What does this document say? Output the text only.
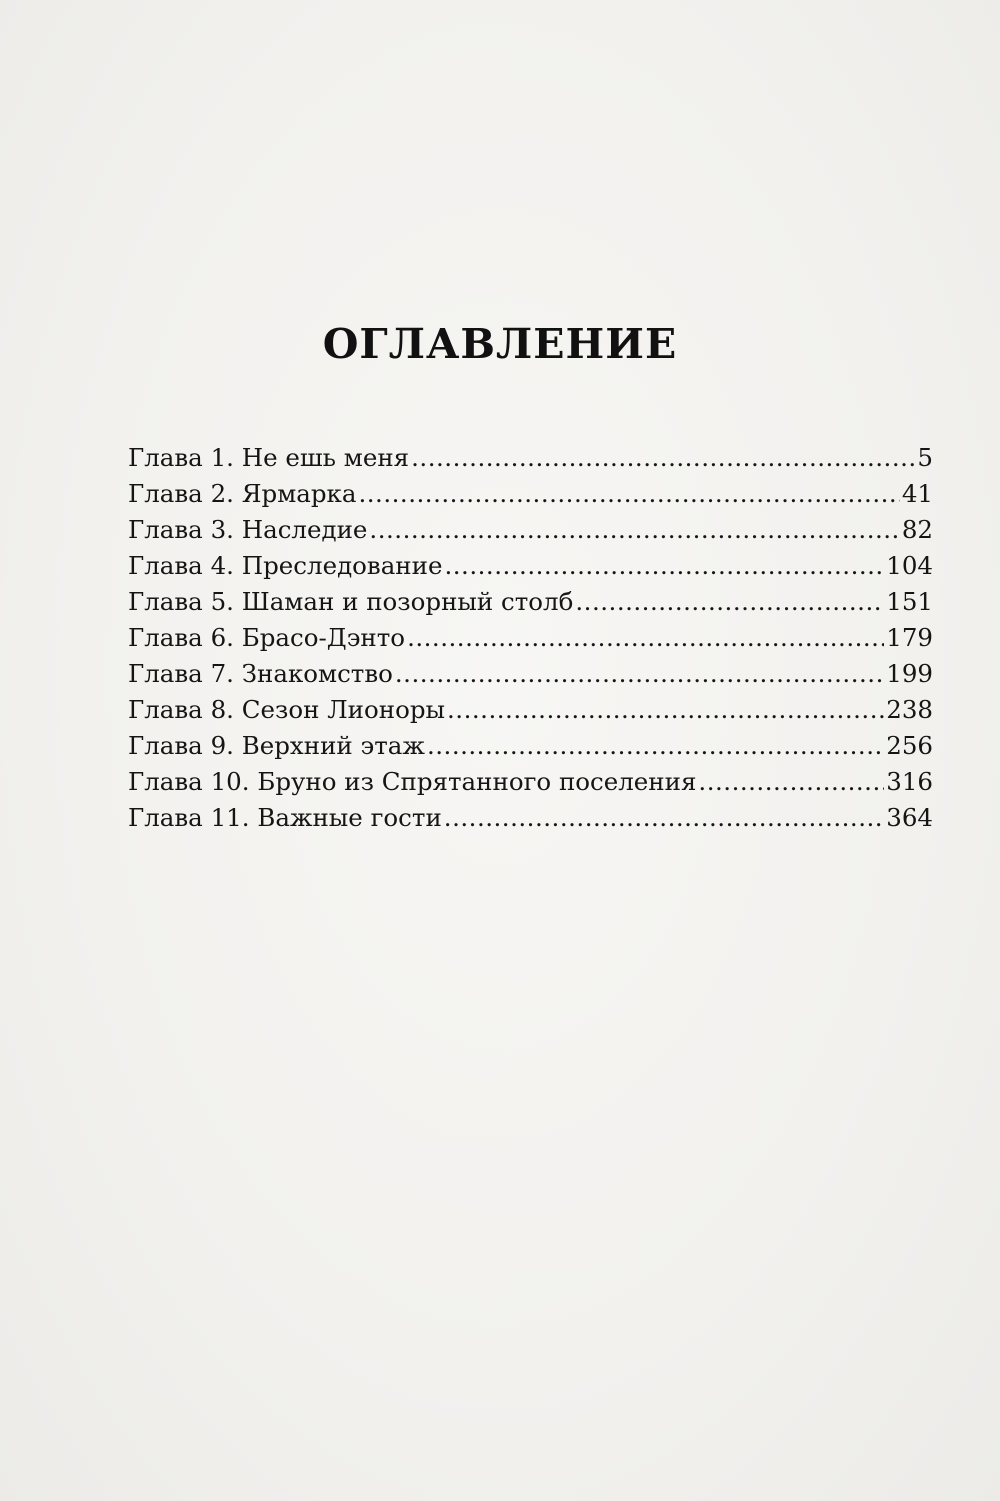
ОГЛАВЛЕНИЕ
Глава 1. Не ешь меня .....	5
Глава 2. Ярмарка .....	41
Глава 3. Наследие .....	82
Глава 4. Преследование .....	104
Глава 5. Шаман и позорный столб .....	151
Глава 6. Брасо-Дэнто .....	179
Глава 7. Знакомство .....	199
Глава 8. Сезон Лионоры .....	238
Глава 9. Верхний этаж .....	256
Глава 10. Бруно из Спрятанного поселения .....	316
Глава 11. Важные гости .....	364
